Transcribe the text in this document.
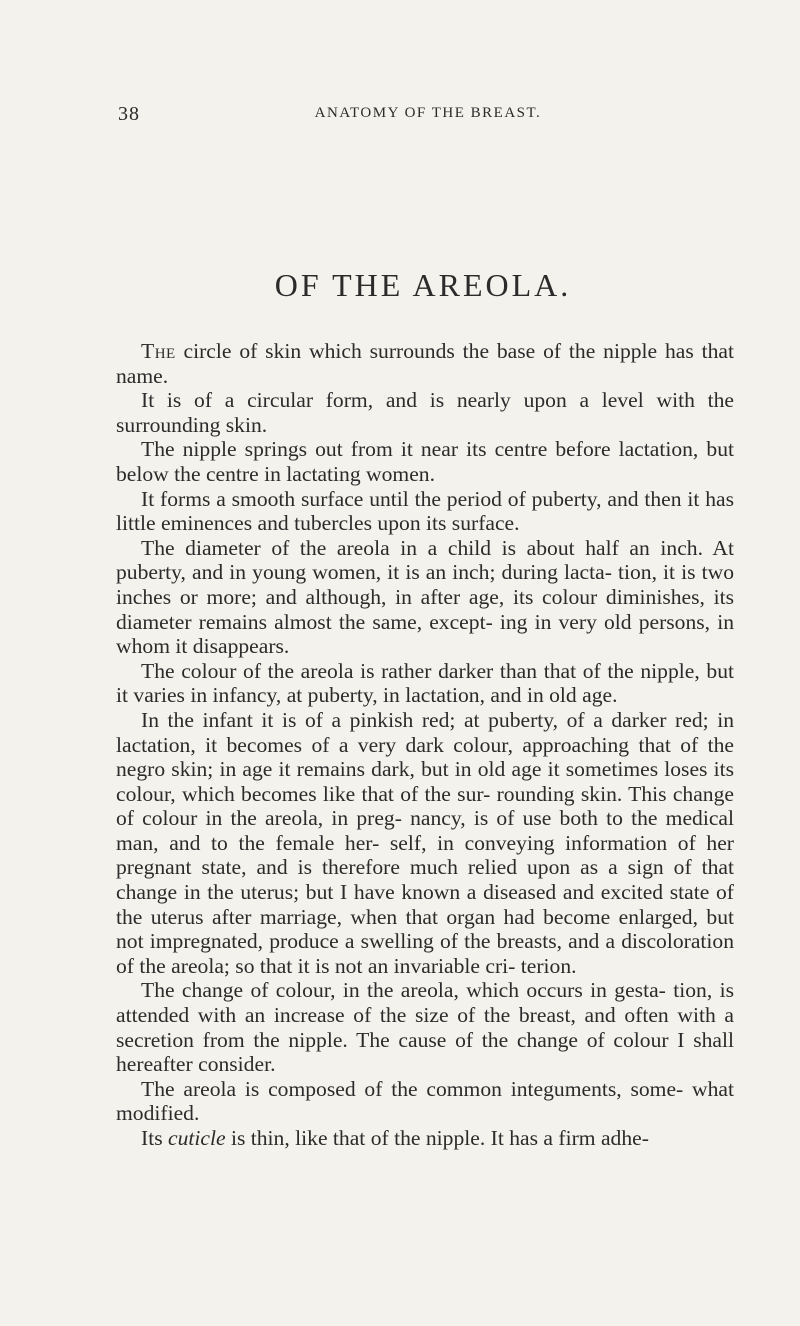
38	ANATOMY OF THE BREAST.
OF THE AREOLA.

The circle of skin which surrounds the base of the nipple has that name.

It is of a circular form, and is nearly upon a level with the surrounding skin.

The nipple springs out from it near its centre before lactation, but below the centre in lactating women.

It forms a smooth surface until the period of puberty, and then it has little eminences and tubercles upon its surface.

The diameter of the areola in a child is about half an inch. At puberty, and in young women, it is an inch; during lacta- tion, it is two inches or more; and although, in after age, its colour diminishes, its diameter remains almost the same, except- ing in very old persons, in whom it disappears.

The colour of the areola is rather darker than that of the nipple, but it varies in infancy, at puberty, in lactation, and in old age.

In the infant it is of a pinkish red; at puberty, of a darker red; in lactation, it becomes of a very dark colour, approaching that of the negro skin; in age it remains dark, but in old age it sometimes loses its colour, which becomes like that of the sur- rounding skin. This change of colour in the areola, in preg- nancy, is of use both to the medical man, and to the female her- self, in conveying information of her pregnant state, and is therefore much relied upon as a sign of that change in the uterus; but I have known a diseased and excited state of the uterus after marriage, when that organ had become enlarged, but not impregnated, produce a swelling of the breasts, and a discoloration of the areola; so that it is not an invariable cri- terion.

The change of colour, in the areola, which occurs in gesta- tion, is attended with an increase of the size of the breast, and often with a secretion from the nipple. The cause of the change of colour I shall hereafter consider.

The areola is composed of the common integuments, some- what modified.

Its cuticle is thin, like that of the nipple. It has a firm adhe-
